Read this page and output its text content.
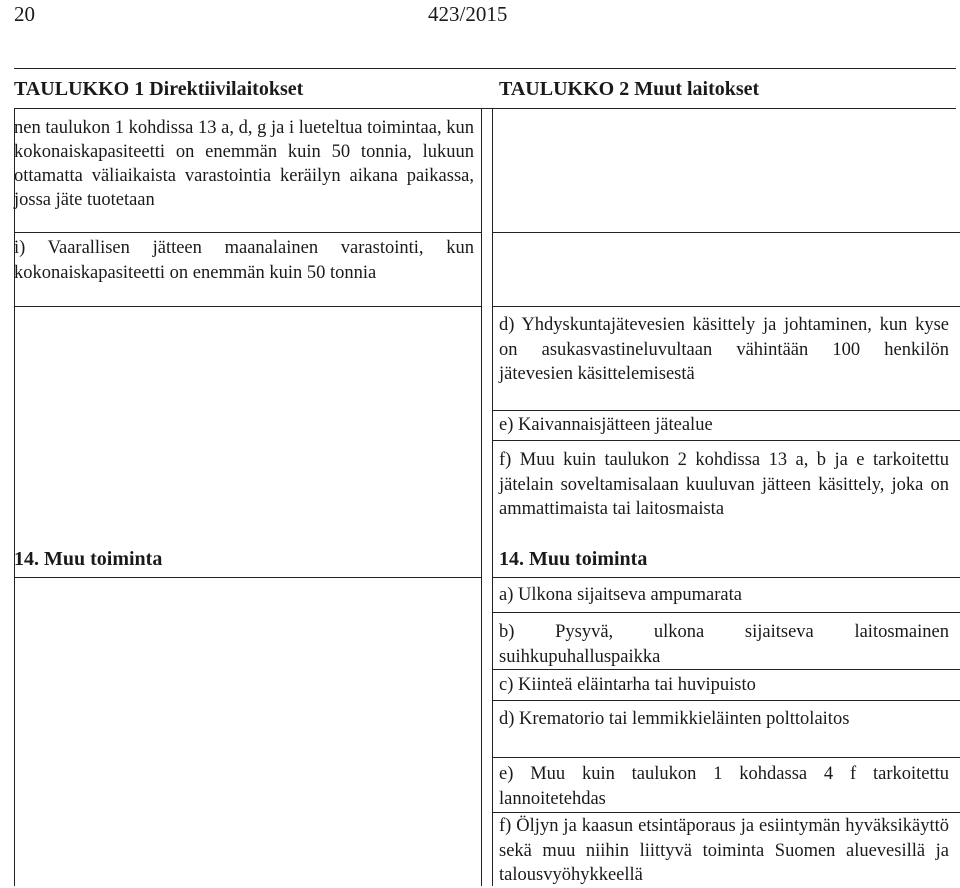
20	423/2015
TAULUKKO 1 Direktiivilaitokset
nen taulukon 1 kohdissa 13 a, d, g ja i lueteltua toimintaa, kun kokonaiskapasiteetti on enemmän kuin 50 tonnia, lukuun ottamatta väliaikaista varastointia keräilyn aikana paikassa, jossa jäte tuotetaan
i) Vaarallisen jätteen maanalainen varastointi, kun kokonaiskapasiteetti on enemmän kuin 50 tonnia
14. Muu toiminta
TAULUKKO 2 Muut laitokset
d) Yhdyskuntajätevesien käsittely ja johtaminen, kun kyse on asukasvastineluvultaan vähintään 100 henkilön jätevesien käsittelemisestä
e) Kaivannaisjätteen jätealue
f) Muu kuin taulukon 2 kohdissa 13 a, b ja e tarkoitettu jätelain soveltamisalaan kuuluvan jätteen käsittely, joka on ammattimaista tai laitosmaista
14. Muu toiminta
a) Ulkona sijaitseva ampumarata
b) Pysyvä, ulkona sijaitseva laitosmainen suihkupuhalluspaikka
c) Kiinteä eläintarha tai huvipuisto
d) Krematorio tai lemmikkieläinten polttolaitos
e) Muu kuin taulukon 1 kohdassa 4 f tarkoitettu lannoitetehdas
f) Öljyn ja kaasun etsintäporaus ja esiintymän hyväksikäyttö sekä muu niihin liittyvä toiminta Suomen aluevesillä ja talousvyöhykkeellä
